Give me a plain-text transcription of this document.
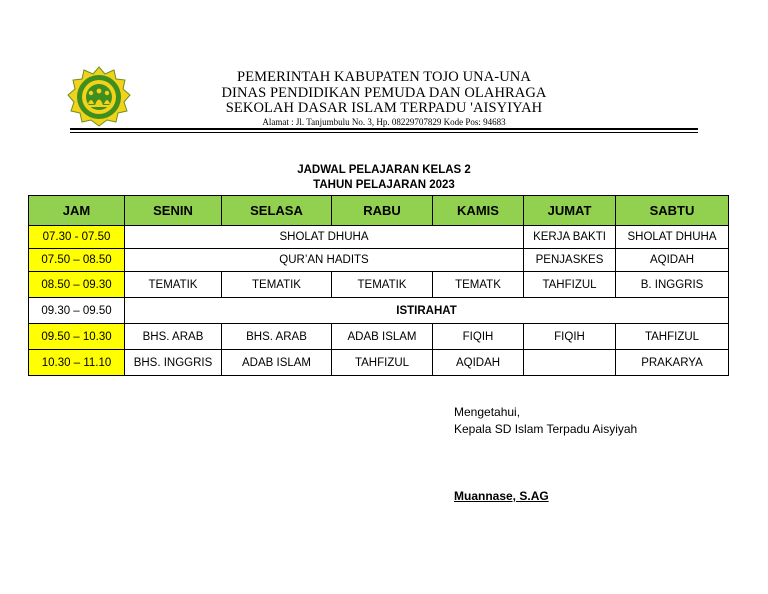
PEMERINTAH KABUPATEN TOJO UNA-UNA
DINAS PENDIDIKAN PEMUDA DAN OLAHRAGA
SEKOLAH DASAR ISLAM TERPADU 'AISYIYAH
Alamat : Jl. Tanjumbulu No. 3, Hp. 08229707829 Kode Pos: 94683
JADWAL PELAJARAN KELAS 2
TAHUN PELAJARAN 2023
JAM	SENIN	SELASA	RABU	KAMIS	JUMAT	SABTU
07.30 - 07.50	SHOLAT DHUHA				KERJA BAKTI	SHOLAT DHUHA
07.50 – 08.50	QUR’AN HADITS				PENJASKES	AQIDAH
08.50 – 09.30	TEMATIK	TEMATIK	TEMATIK	TEMATK	TAHFIZUL	B. INGGRIS
09.30 – 09.50	ISTIRAHAT					
09.50 – 10.30	BHS. ARAB	BHS. ARAB	ADAB ISLAM	FIQIH	FIQIH	TAHFIZUL
10.30 – 11.10	BHS. INGGRIS	ADAB ISLAM	TAHFIZUL	AQIDAH		PRAKARYA
Mengetahui,
Kepala SD Islam Terpadu Aisyiyah
Muannase, S.AG
